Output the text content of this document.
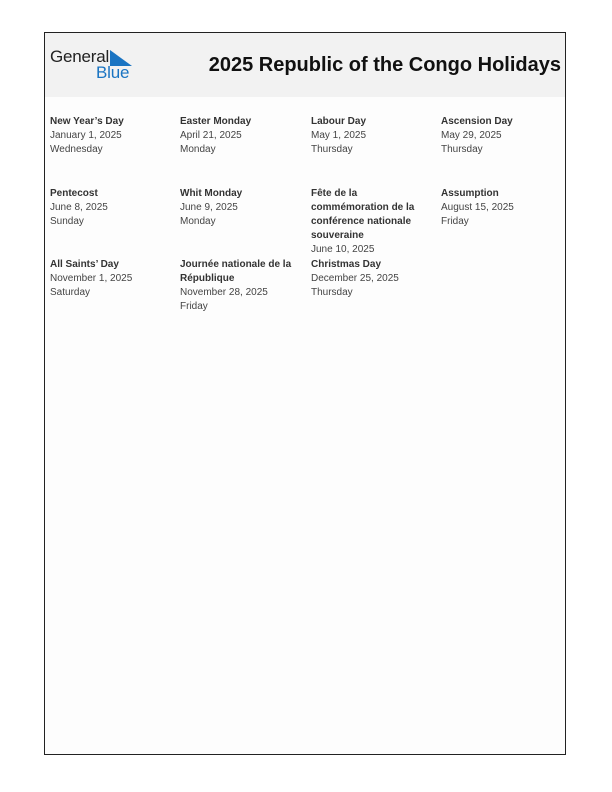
General
Blue	2025 Republic of the Congo Holidays
New Year’s Day
January 1, 2025
Wednesday
Easter Monday
April 21, 2025
Monday
Labour Day
May 1, 2025
Thursday
Ascension Day
May 29, 2025
Thursday
Pentecost
June 8, 2025
Sunday
Whit Monday
June 9, 2025
Monday
Fête de la commémoration de la conférence nationale souveraine
June 10, 2025
Assumption
August 15, 2025
Friday
All Saints’ Day
November 1, 2025
Saturday
Journée nationale de la République
November 28, 2025
Friday
Christmas Day
December 25, 2025
Thursday
